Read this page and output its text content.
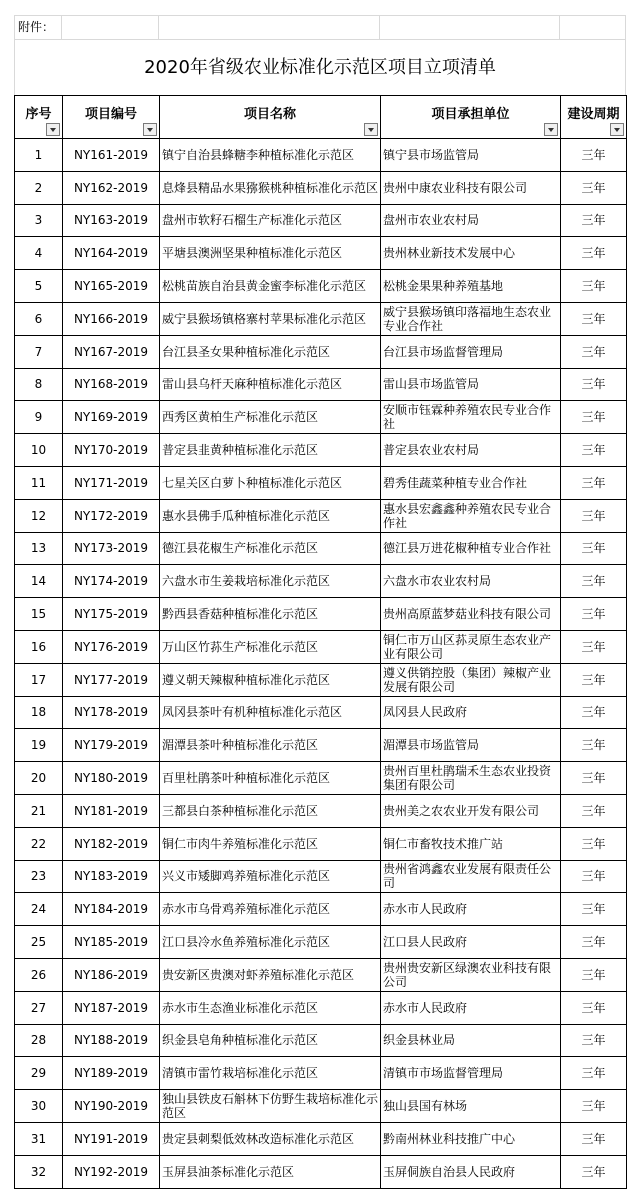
附件：
2020年省级农业标准化示范区项目立项清单
序号	项目编号	项目名称	项目承担单位	建设周期

1	NY161-2019	镇宁自治县蜂糖李种植标准化示范区	镇宁县市场监管局	三年
2	NY162-2019	息烽县精品水果猕猴桃种植标准化示范区	贵州中康农业科技有限公司	三年
3	NY163-2019	盘州市软籽石榴生产标准化示范区	盘州市农业农村局	三年
4	NY164-2019	平塘县澳洲坚果种植标准化示范区	贵州林业新技术发展中心	三年
5	NY165-2019	松桃苗族自治县黄金蜜李标准化示范区	松桃金果果种养殖基地	三年
6	NY166-2019	威宁县猴场镇格寨村苹果标准化示范区	威宁县猴场镇印落福地生态农业专业合作社	三年
7	NY167-2019	台江县圣女果种植标准化示范区	台江县市场监督管理局	三年
8	NY168-2019	雷山县乌杆天麻种植标准化示范区	雷山县市场监管局	三年
9	NY169-2019	西秀区黄柏生产标准化示范区	安顺市钰霖种养殖农民专业合作社	三年
10	NY170-2019	普定县韭黄种植标准化示范区	普定县农业农村局	三年
11	NY171-2019	七星关区白萝卜种植标准化示范区	碧秀佳蔬菜种植专业合作社	三年
12	NY172-2019	惠水县佛手瓜种植标准化示范区	惠水县宏鑫鑫种养殖农民专业合作社	三年
13	NY173-2019	德江县花椒生产标准化示范区	德江县万进花椒种植专业合作社	三年
14	NY174-2019	六盘水市生姜栽培标准化示范区	六盘水市农业农村局	三年
15	NY175-2019	黔西县香菇种植标准化示范区	贵州高原蓝梦菇业科技有限公司	三年
16	NY176-2019	万山区竹荪生产标准化示范区	铜仁市万山区荪灵原生态农业产业有限公司	三年
17	NY177-2019	遵义朝天辣椒种植标准化示范区	遵义供销控股（集团）辣椒产业发展有限公司	三年
18	NY178-2019	凤冈县茶叶有机种植标准化示范区	凤冈县人民政府	三年
19	NY179-2019	湄潭县茶叶种植标准化示范区	湄潭县市场监管局	三年
20	NY180-2019	百里杜鹃茶叶种植标准化示范区	贵州百里杜鹃瑞禾生态农业投资集团有限公司	三年
21	NY181-2019	三都县白茶种植标准化示范区	贵州美之农农业开发有限公司	三年
22	NY182-2019	铜仁市肉牛养殖标准化示范区	铜仁市畜牧技术推广站	三年
23	NY183-2019	兴义市矮脚鸡养殖标准化示范区	贵州省鸿鑫农业发展有限责任公司	三年
24	NY184-2019	赤水市乌骨鸡养殖标准化示范区	赤水市人民政府	三年
25	NY185-2019	江口县冷水鱼养殖标准化示范区	江口县人民政府	三年
26	NY186-2019	贵安新区贵澳对虾养殖标准化示范区	贵州贵安新区绿澳农业科技有限公司	三年
27	NY187-2019	赤水市生态渔业标准化示范区	赤水市人民政府	三年
28	NY188-2019	织金县皂角种植标准化示范区	织金县林业局	三年
29	NY189-2019	清镇市雷竹栽培标准化示范区	清镇市市场监督管理局	三年
30	NY190-2019	独山县铁皮石斛林下仿野生栽培标准化示范区	独山县国有林场	三年
31	NY191-2019	贵定县刺梨低效林改造标准化示范区	黔南州林业科技推广中心	三年
32	NY192-2019	玉屏县油茶标准化示范区	玉屏侗族自治县人民政府	三年
